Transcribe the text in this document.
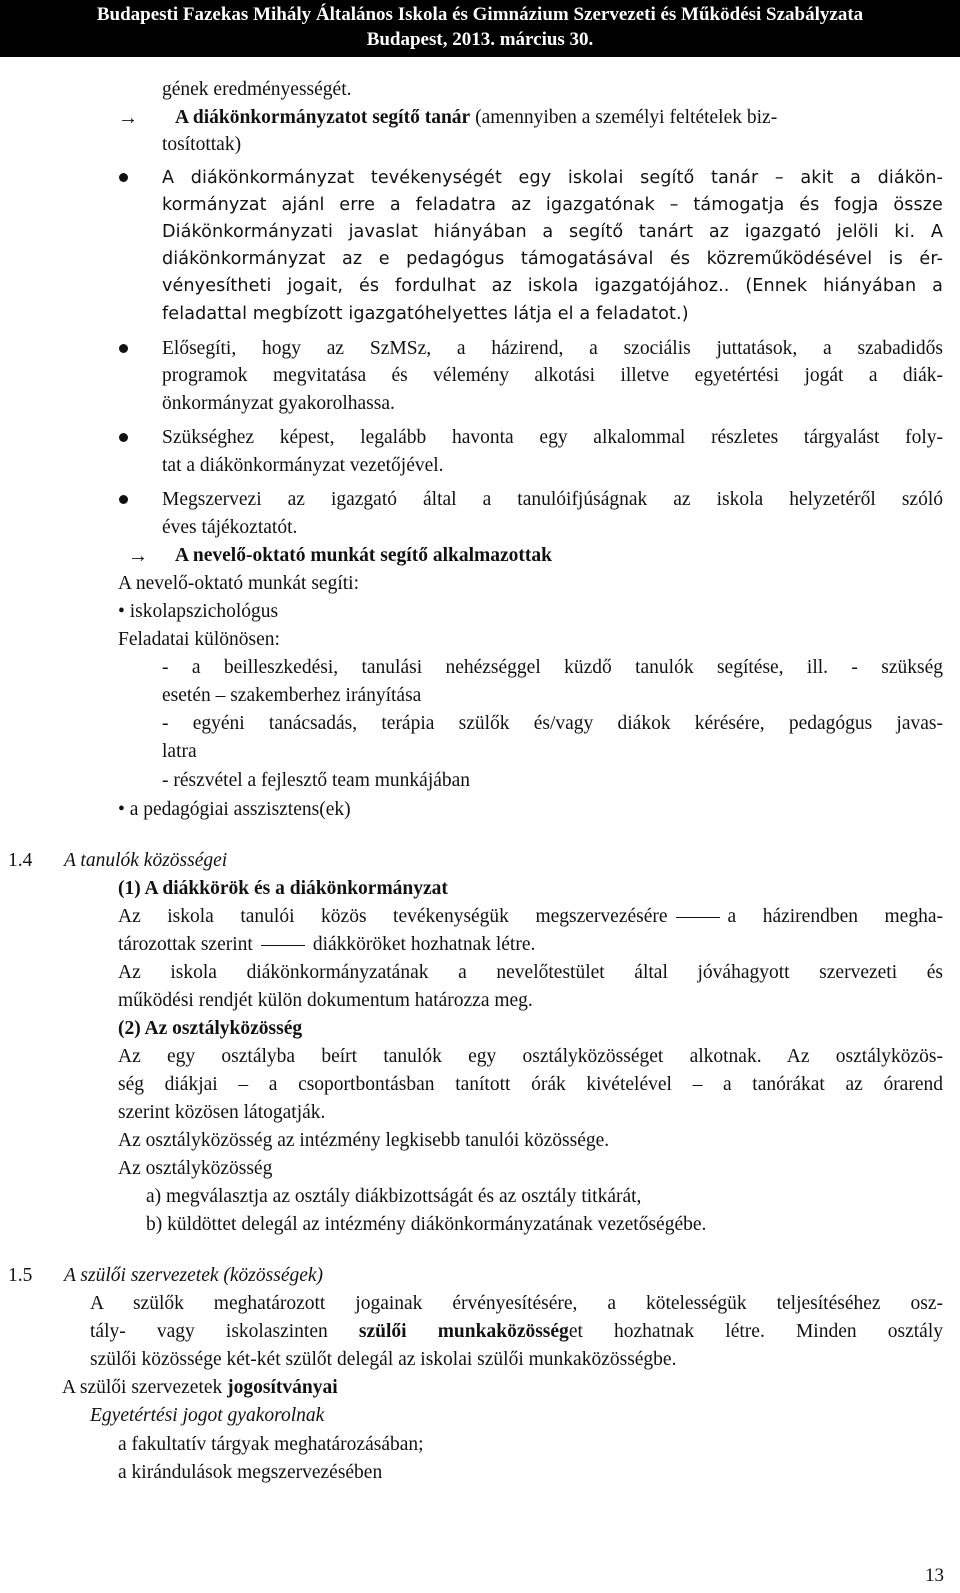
Budapesti Fazekas Mihály Általános Iskola és Gimnázium Szervezeti és Működési Szabályzata
Budapest, 2013. március 30.
gének eredményességét.
→ A diákönkormányzatot segítő tanár (amennyiben a személyi feltételek biz-
tosítottak)
A diákönkormányzat tevékenységét egy iskolai segítő tanár – akit a diákön-
kormányzat ajánl erre a feladatra az igazgatónak – támogatja és fogja össze
Diákönkormányzati javaslat hiányában a segítő tanárt az igazgató jelöli ki. A
diákönkormányzat az e pedagógus támogatásával és közreműködésével is ér-
vényesítheti jogait, és fordulhat az iskola igazgatójához.. (Ennek hiányában a
feladattal megbízott igazgatóhelyettes látja el a feladatot.)
Elősegíti, hogy az SzMSz, a házirend, a szociális juttatások, a szabadidős
programok megvitatása és vélemény alkotási illetve egyetértési jogát a diák-
önkormányzat gyakorolhassa.
Szükséghez képest, legalább havonta egy alkalommal részletes tárgyalást foly-
tat a diákönkormányzat vezetőjével.
Megszervezi az igazgató által a tanulóifjúságnak az iskola helyzetéről szóló
éves tájékoztatót.
→ A nevelő-oktató munkát segítő alkalmazottak
A nevelő-oktató munkát segíti:
• iskolapszichológus
Feladatai különösen:
- a beilleszkedési, tanulási nehézséggel küzdő tanulók segítése, ill. - szükség
esetén – szakemberhez irányítása
- egyéni tanácsadás, terápia szülők és/vagy diákok kérésére, pedagógus javas-
latra
- részvétel a fejlesztő team munkájában
• a pedagógiai asszisztens(ek)
1.4 A tanulók közösségei
(1) A diákkörök és a diákönkormányzat
Az iskola tanulói közös tevékenységük megszervezésére	a házirendben megha-
tározottak szerint	diákköröket hozhatnak létre.
Az iskola diákönkormányzatának a nevelőtestület által jóváhagyott szervezeti és
működési rendjét külön dokumentum határozza meg.
(2) Az osztályközösség
Az egy osztályba beírt tanulók egy osztályközösséget alkotnak. Az osztályközös-
ség diákjai – a csoportbontásban tanított órák kivételével – a tanórákat az órarend
szerint közösen látogatják.
Az osztályközösség az intézmény legkisebb tanulói közössége.
Az osztályközösség
a) megválasztja az osztály diákbizottságát és az osztály titkárát,
b) küldöttet delegál az intézmény diákönkormányzatának vezetőségébe.
1.5 A szülői szervezetek (közösségek)
A szülők meghatározott jogainak érvényesítésére, a kötelességük teljesítéséhez osz-
tály- vagy iskolaszinten szülői munkaközösséget hozhatnak létre. Minden osztály
szülői közössége két-két szülőt delegál az iskolai szülői munkaközösségbe.
A szülői szervezetek jogosítványai
Egyetértési jogot gyakorolnak
a fakultatív tárgyak meghatározásában;
a kirándulások megszervezésében
13
